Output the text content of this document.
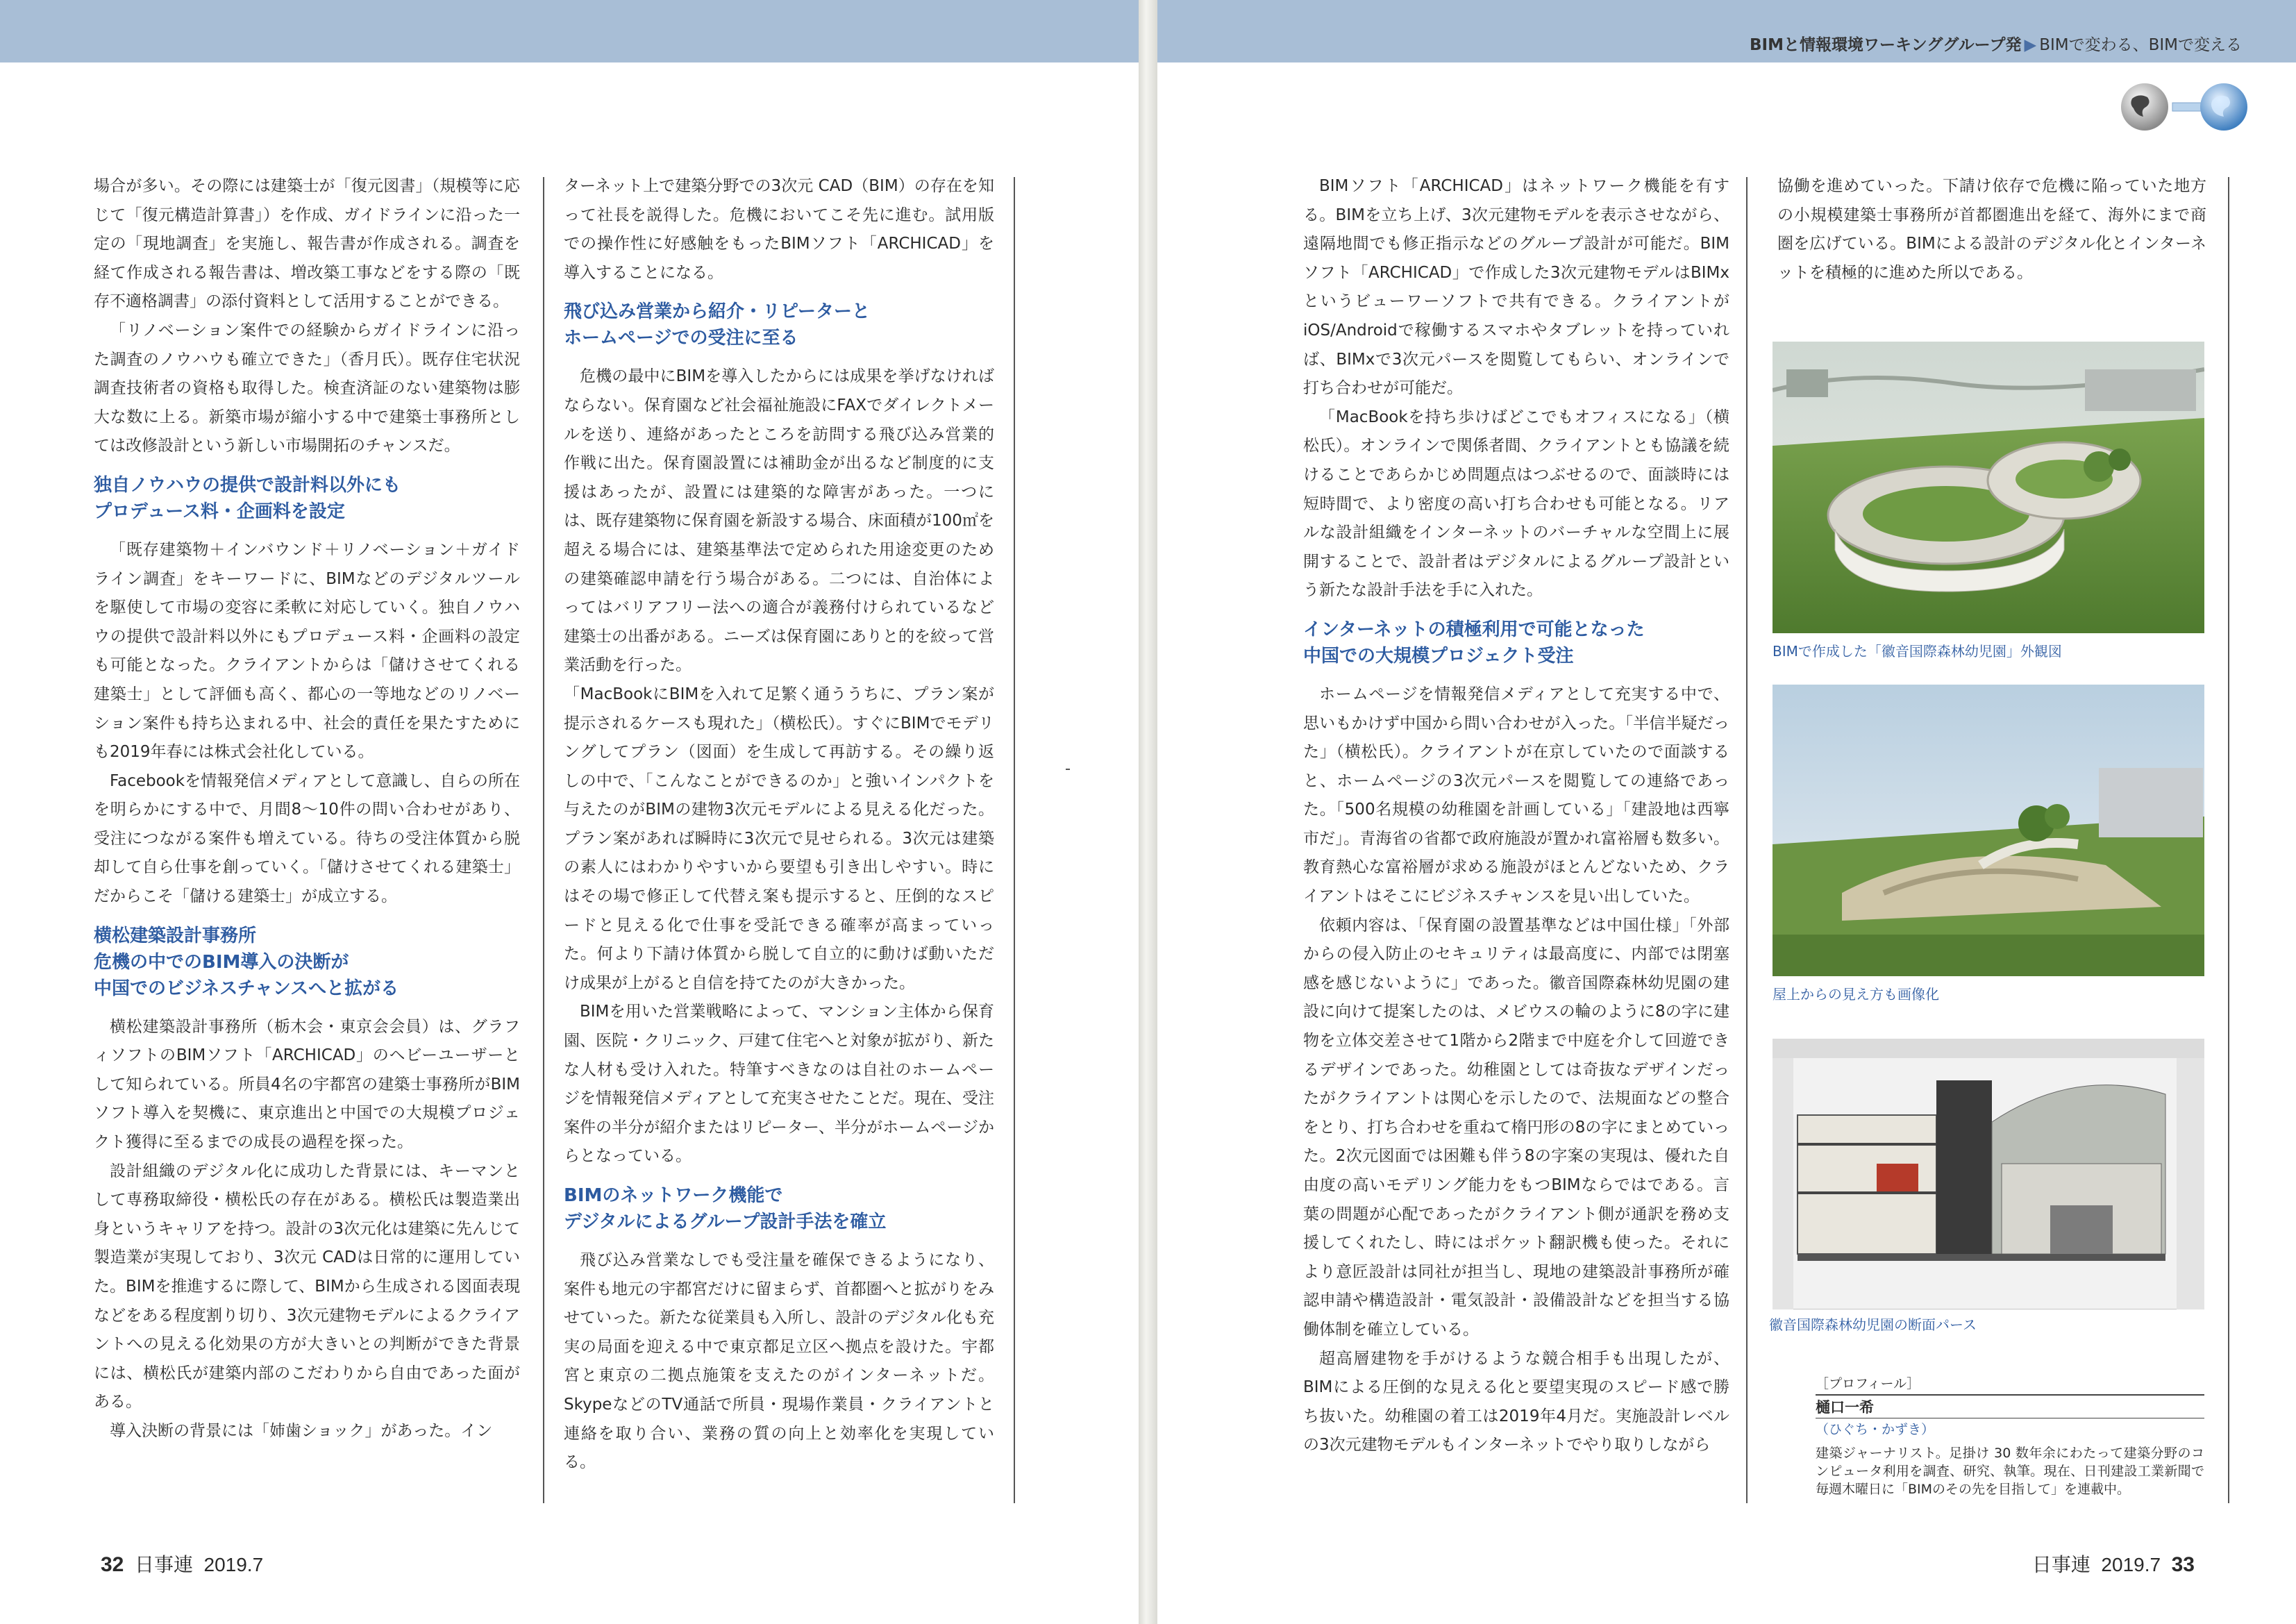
場合が多い。その際には建築士が「復元図書」（規模等に応じて「復元構造計算書」）を作成、ガイドラインに沿った一定の「現地調査」を実施し、報告書が作成される。調査を経て作成される報告書は、増改築工事などをする際の「既存不適格調書」の添付資料として活用することができる。

「リノベーション案件での経験からガイドラインに沿った調査のノウハウも確立できた」（香月氏）。既存住宅状況調査技術者の資格も取得した。検査済証のない建築物は膨大な数に上る。新築市場が縮小する中で建築士事務所としては改修設計という新しい市場開拓のチャンスだ。

独自ノウハウの提供で設計料以外にも
プロデュース料・企画料を設定

「既存建築物＋インバウンド＋リノベーション＋ガイドライン調査」をキーワードに、BIMなどのデジタルツールを駆使して市場の変容に柔軟に対応していく。独自ノウハウの提供で設計料以外にもプロデュース料・企画料の設定も可能となった。クライアントからは「儲けさせてくれる建築士」として評価も高く、都心の一等地などのリノベーション案件も持ち込まれる中、社会的責任を果たすためにも2019年春には株式会社化している。

Facebookを情報発信メディアとして意識し、自らの所在を明らかにする中で、月間8～10件の問い合わせがあり、受注につながる案件も増えている。待ちの受注体質から脱却して自ら仕事を創っていく。「儲けさせてくれる建築士」だからこそ「儲ける建築士」が成立する。

横松建築設計事務所
危機の中でのBIM導入の決断が
中国でのビジネスチャンスへと拡がる

横松建築設計事務所（栃木会・東京会会員）は、グラフィソフトのBIMソフト「ARCHICAD」のヘビーユーザーとして知られている。所員4名の宇都宮の建築士事務所がBIMソフト導入を契機に、東京進出と中国での大規模プロジェクト獲得に至るまでの成長の過程を探った。

設計組織のデジタル化に成功した背景には、キーマンとして専務取締役・横松氏の存在がある。横松氏は製造業出身というキャリアを持つ。設計の3次元化は建築に先んじて製造業が実現しており、3次元 CADは日常的に運用していた。BIMを推進するに際して、BIMから生成される図面表現などをある程度割り切り、3次元建物モデルによるクライアントへの見える化効果の方が大きいとの判断ができた背景には、横松氏が建築内部のこだわりから自由であった面がある。

導入決断の背景には「姉歯ショック」があった。イン

ターネット上で建築分野での3次元 CAD（BIM）の存在を知って社長を説得した。危機においてこそ先に進む。試用版での操作性に好感触をもったBIMソフト「ARCHICAD」を導入することになる。

飛び込み営業から紹介・リピーターと
ホームページでの受注に至る

危機の最中にBIMを導入したからには成果を挙げなければならない。保育園など社会福祉施設にFAXでダイレクトメールを送り、連絡があったところを訪問する飛び込み営業的作戦に出た。保育園設置には補助金が出るなど制度的に支援はあったが、設置には建築的な障害があった。一つには、既存建築物に保育園を新設する場合、床面積が100㎡を超える場合には、建築基準法で定められた用途変更のための建築確認申請を行う場合がある。二つには、自治体によってはバリアフリー法への適合が義務付けられているなど建築士の出番がある。ニーズは保育園にありと的を絞って営業活動を行った。

「MacBookにBIMを入れて足繁く通ううちに、プラン案が提示されるケースも現れた」（横松氏）。すぐにBIMでモデリングしてプラン（図面）を生成して再訪する。その繰り返しの中で、「こんなことができるのか」と強いインパクトを与えたのがBIMの建物3次元モデルによる見える化だった。プラン案があれば瞬時に3次元で見せられる。3次元は建築の素人にはわかりやすいから要望も引き出しやすい。時にはその場で修正して代替え案も提示すると、圧倒的なスピードと見える化で仕事を受託できる確率が高まっていった。何より下請け体質から脱して自立的に動けば動いただけ成果が上がると自信を持てたのが大きかった。

BIMを用いた営業戦略によって、マンション主体から保育園、医院・クリニック、戸建て住宅へと対象が拡がり、新たな人材も受け入れた。特筆すべきなのは自社のホームページを情報発信メディアとして充実させたことだ。現在、受注案件の半分が紹介またはリピーター、半分がホームページからとなっている。

BIMのネットワーク機能で
デジタルによるグループ設計手法を確立

飛び込み営業なしでも受注量を確保できるようになり、案件も地元の宇都宮だけに留まらず、首都圏へと拡がりをみせていった。新たな従業員も入所し、設計のデジタル化も充実の局面を迎える中で東京都足立区へ拠点を設けた。宇都宮と東京の二拠点施策を支えたのがインターネットだ。SkypeなどのTV通話で所員・現場作業員・クライアントと連絡を取り合い、業務の質の向上と効率化を実現している。

32 日事連 2019.7
BIMと情報環境ワーキンググループ発 ▶ BIMで変わる、BIMで変える

BIMソフト「ARCHICAD」はネットワーク機能を有する。BIMを立ち上げ、3次元建物モデルを表示させながら、遠隔地間でも修正指示などのグループ設計が可能だ。BIMソフト「ARCHICAD」で作成した3次元建物モデルはBIMxというビューワーソフトで共有できる。クライアントがiOS/Androidで稼働するスマホやタブレットを持っていれば、BIMxで3次元パースを閲覧してもらい、オンラインで打ち合わせが可能だ。

「MacBookを持ち歩けばどこでもオフィスになる」（横松氏）。オンラインで関係者間、クライアントとも協議を続けることであらかじめ問題点はつぶせるので、面談時には短時間で、より密度の高い打ち合わせも可能となる。リアルな設計組織をインターネットのバーチャルな空間上に展開することで、設計者はデジタルによるグループ設計という新たな設計手法を手に入れた。

インターネットの積極利用で可能となった
中国での大規模プロジェクト受注

ホームページを情報発信メディアとして充実する中で、思いもかけず中国から問い合わせが入った。「半信半疑だった」（横松氏）。クライアントが在京していたので面談すると、ホームページの3次元パースを閲覧しての連絡であった。「500名規模の幼稚園を計画している」「建設地は西寧市だ」。青海省の省都で政府施設が置かれ富裕層も数多い。教育熱心な富裕層が求める施設がほとんどないため、クライアントはそこにビジネスチャンスを見い出していた。

依頼内容は、「保育園の設置基準などは中国仕様」「外部からの侵入防止のセキュリティは最高度に、内部では閉塞感を感じないように」であった。徽音国際森林幼児園の建設に向けて提案したのは、メビウスの輪のように8の字に建物を立体交差させて1階から2階まで中庭を介して回遊できるデザインであった。幼稚園としては奇抜なデザインだったがクライアントは関心を示したので、法規面などの整合をとり、打ち合わせを重ねて楕円形の8の字にまとめていった。2次元図面では困難も伴う8の字案の実現は、優れた自由度の高いモデリング能力をもつBIMならではである。言葉の問題が心配であったがクライアント側が通訳を務め支援してくれたし、時にはポケット翻訳機も使った。それにより意匠設計は同社が担当し、現地の建築設計事務所が確認申請や構造設計・電気設計・設備設計などを担当する協働体制を確立している。

超高層建物を手がけるような競合相手も出現したが、BIMによる圧倒的な見える化と要望実現のスピード感で勝ち抜いた。幼稚園の着工は2019年4月だ。実施設計レベルの3次元建物モデルもインターネットでやり取りしながら

協働を進めていった。下請け依存で危機に陥っていた地方の小規模建築士事務所が首都圏進出を経て、海外にまで商圏を広げている。BIMによる設計のデジタル化とインターネットを積極的に進めた所以である。

日事連 2019.7 33
BIMで作成した「徽音国際森林幼児園」外観図
屋上からの見え方も画像化
徽音国際森林幼児園の断面パース
［プロフィール］
樋口一希
（ひぐち・かずき）
建築ジャーナリスト。足掛け 30 数年余にわたって建築分野のコンピュータ利用を調査、研究、執筆。現在、日刊建設工業新聞で毎週木曜日に「BIMのその先を目指して」を連載中。
